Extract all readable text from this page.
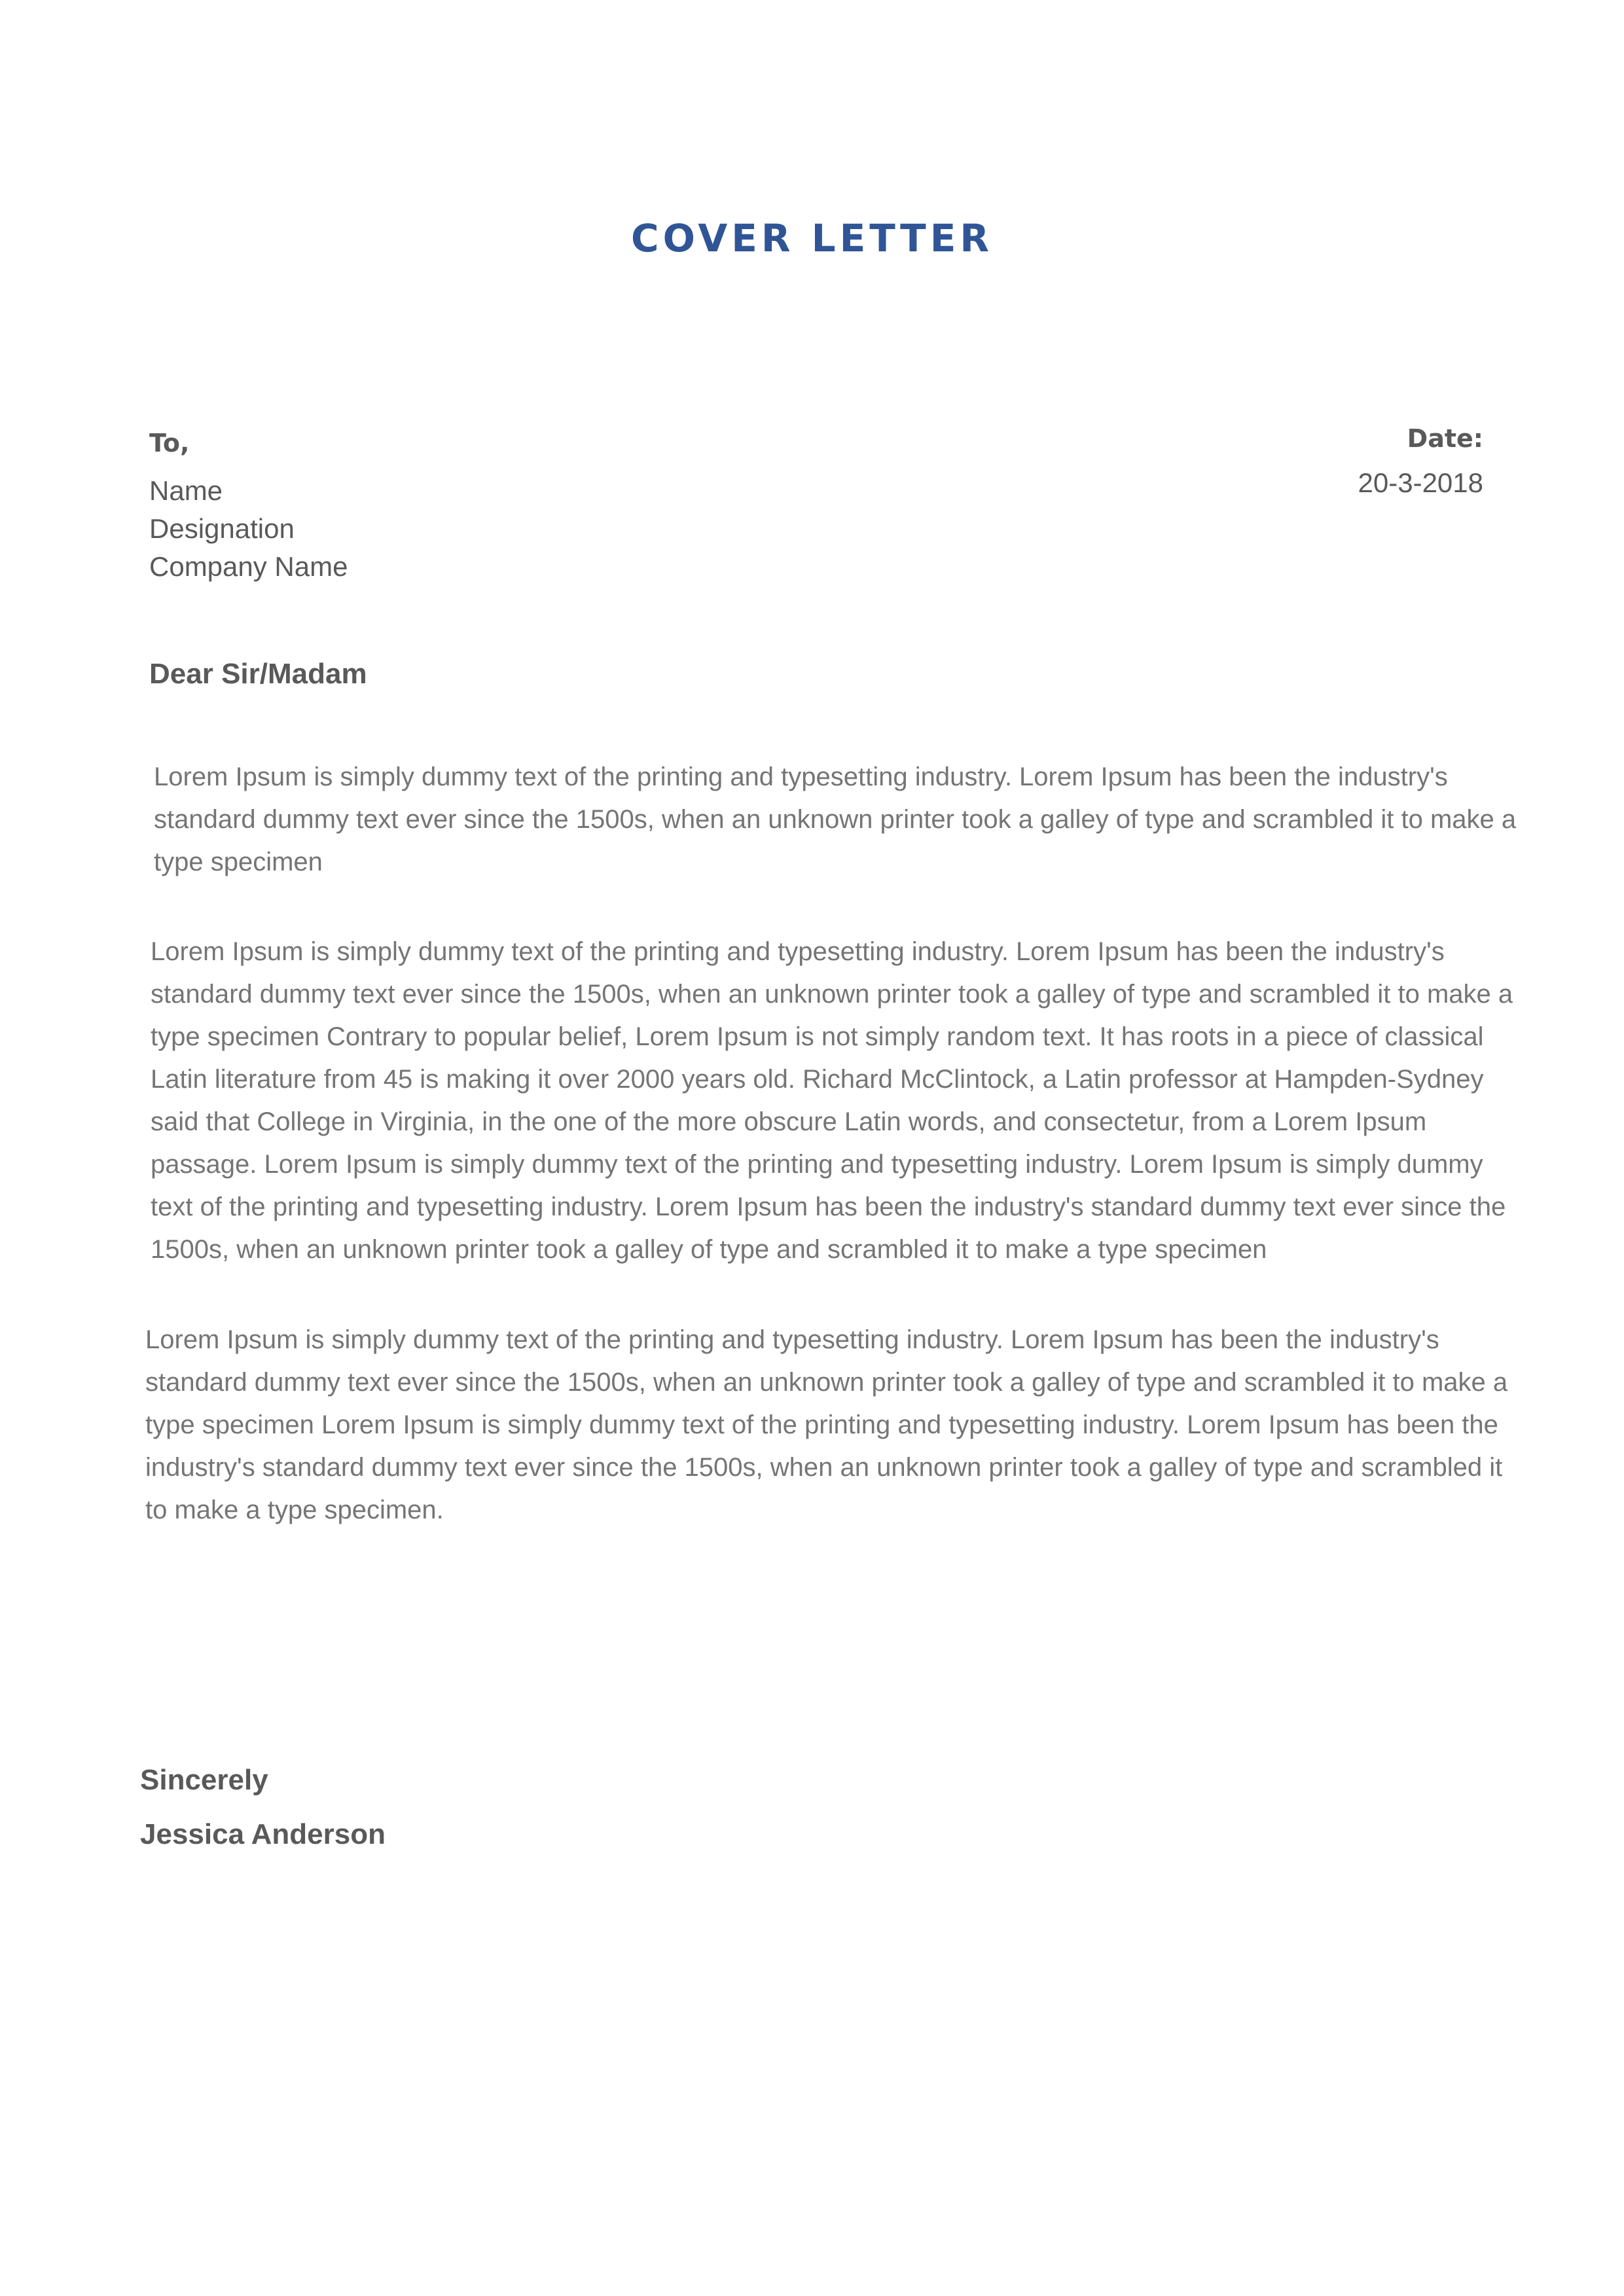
COVER LETTER
To,
Name
Designation
Company Name
Date:
20-3-2018

Dear Sir/Madam

Lorem Ipsum is simply dummy text of the printing and typesetting industry. Lorem Ipsum has been the industry's standard dummy text ever since the 1500s, when an unknown printer took a galley of type and scrambled it to make a type specimen

Lorem Ipsum is simply dummy text of the printing and typesetting industry. Lorem Ipsum has been the industry's standard dummy text ever since the 1500s, when an unknown printer took a galley of type and scrambled it to make a type specimen Contrary to popular belief, Lorem Ipsum is not simply random text. It has roots in a piece of classical Latin literature from 45 is making it over 2000 years old. Richard McClintock, a Latin professor at Hampden-Sydney said that College in Virginia, in the one of the more obscure Latin words, and consectetur, from a Lorem Ipsum passage. Lorem Ipsum is simply dummy text of the printing and typesetting industry. Lorem Ipsum is simply dummy text of the printing and typesetting industry. Lorem Ipsum has been the industry's standard dummy text ever since the 1500s, when an unknown printer took a galley of type and scrambled it to make a type specimen

Lorem Ipsum is simply dummy text of the printing and typesetting industry. Lorem Ipsum has been the industry's standard dummy text ever since the 1500s, when an unknown printer took a galley of type and scrambled it to make a type specimen Lorem Ipsum is simply dummy text of the printing and typesetting industry. Lorem Ipsum has been the industry's standard dummy text ever since the 1500s, when an unknown printer took a galley of type and scrambled it to make a type specimen.

Sincerely

Jessica Anderson
